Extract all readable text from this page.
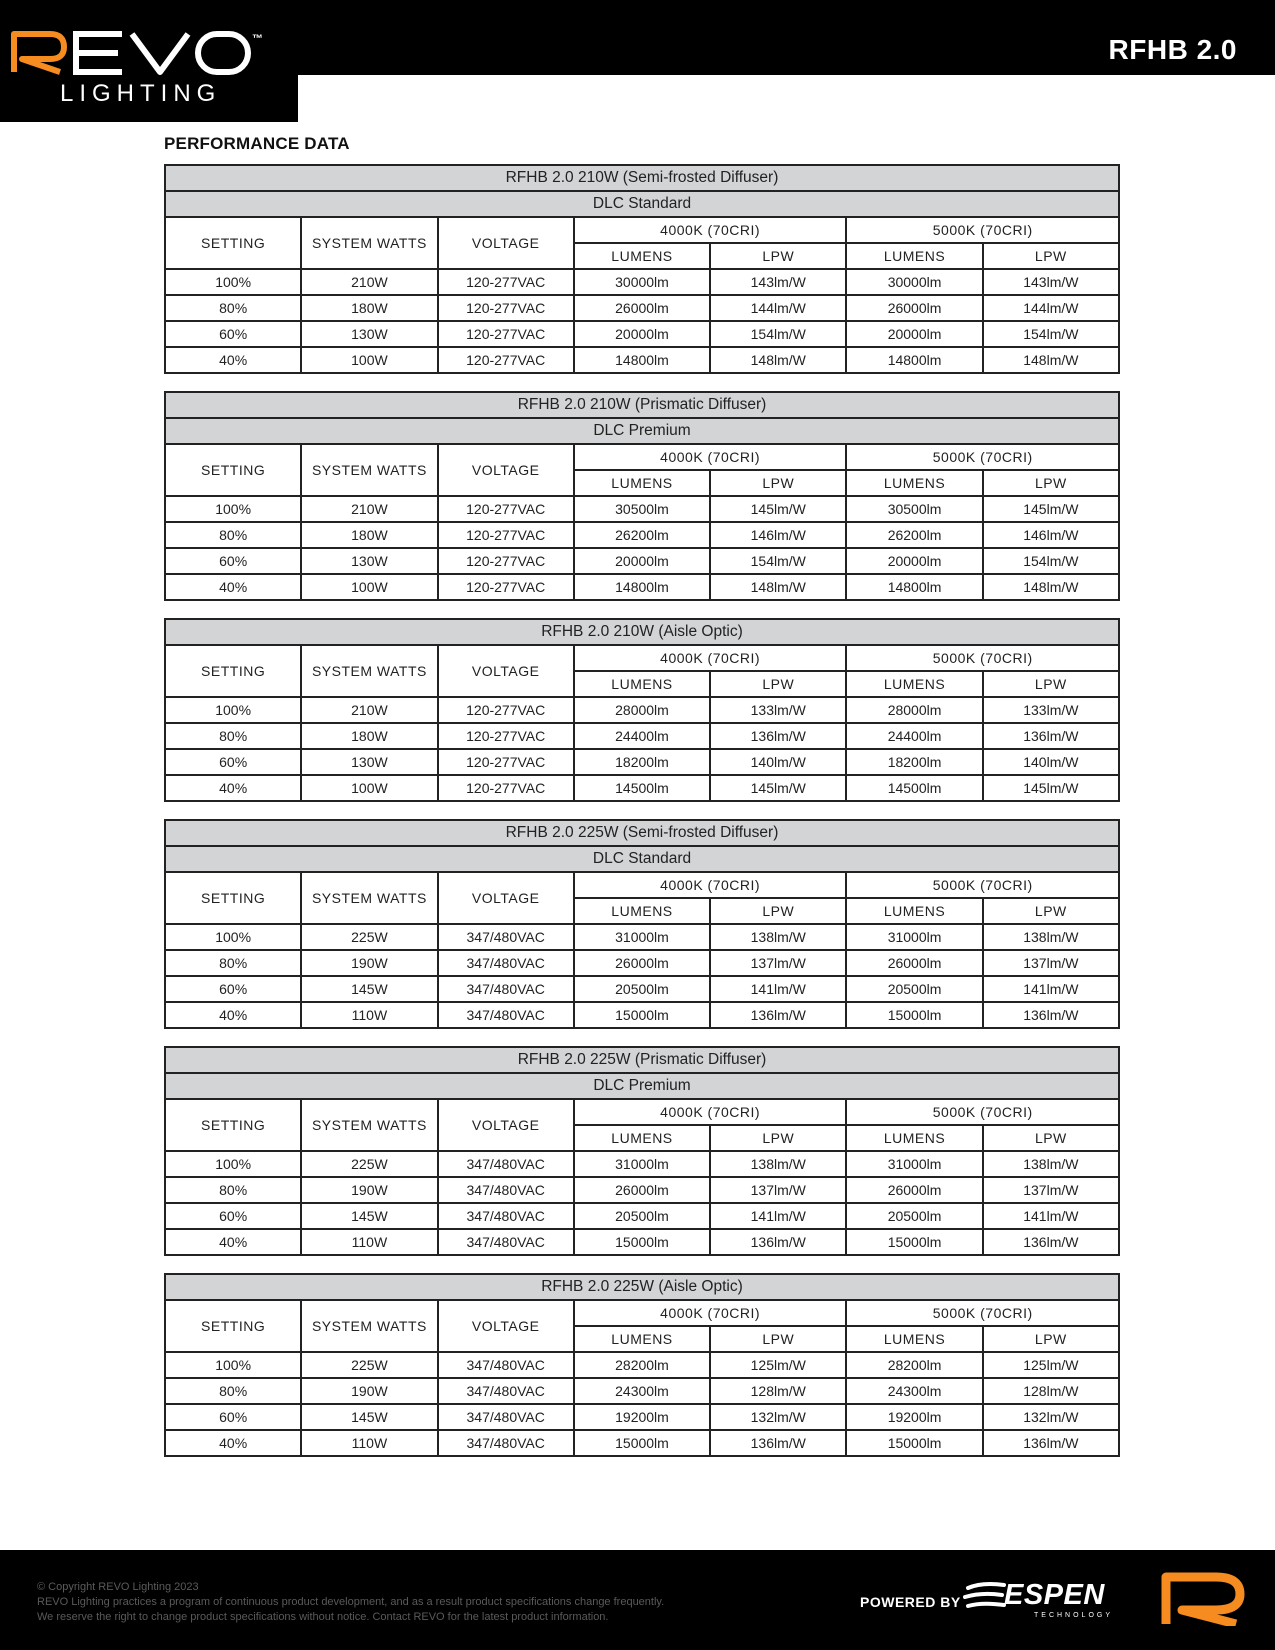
™
LIGHTING
RFHB 2.0
PERFORMANCE DATA
RFHB 2.0 210W (Semi-frosted Diffuser)						
DLC Standard						
SETTING	SYSTEM WATTS	VOLTAGE	4000K (70CRI)		5000K (70CRI)	
			LUMENS	LPW	LUMENS	LPW
100%	210W	120-277VAC	30000lm	143lm/W	30000lm	143lm/W
80%	180W	120-277VAC	26000lm	144lm/W	26000lm	144lm/W
60%	130W	120-277VAC	20000lm	154lm/W	20000lm	154lm/W
40%	100W	120-277VAC	14800lm	148lm/W	14800lm	148lm/W
RFHB 2.0 210W (Prismatic Diffuser)						
DLC Premium						
SETTING	SYSTEM WATTS	VOLTAGE	4000K (70CRI)		5000K (70CRI)	
			LUMENS	LPW	LUMENS	LPW
100%	210W	120-277VAC	30500lm	145lm/W	30500lm	145lm/W
80%	180W	120-277VAC	26200lm	146lm/W	26200lm	146lm/W
60%	130W	120-277VAC	20000lm	154lm/W	20000lm	154lm/W
40%	100W	120-277VAC	14800lm	148lm/W	14800lm	148lm/W
RFHB 2.0 210W (Aisle Optic)						
SETTING	SYSTEM WATTS	VOLTAGE	4000K (70CRI)		5000K (70CRI)	
			LUMENS	LPW	LUMENS	LPW
100%	210W	120-277VAC	28000lm	133lm/W	28000lm	133lm/W
80%	180W	120-277VAC	24400lm	136lm/W	24400lm	136lm/W
60%	130W	120-277VAC	18200lm	140lm/W	18200lm	140lm/W
40%	100W	120-277VAC	14500lm	145lm/W	14500lm	145lm/W
RFHB 2.0 225W (Semi-frosted Diffuser)						
DLC Standard						
SETTING	SYSTEM WATTS	VOLTAGE	4000K (70CRI)		5000K (70CRI)	
			LUMENS	LPW	LUMENS	LPW
100%	225W	347/480VAC	31000lm	138lm/W	31000lm	138lm/W
80%	190W	347/480VAC	26000lm	137lm/W	26000lm	137lm/W
60%	145W	347/480VAC	20500lm	141lm/W	20500lm	141lm/W
40%	110W	347/480VAC	15000lm	136lm/W	15000lm	136lm/W
RFHB 2.0 225W (Prismatic Diffuser)						
DLC Premium						
SETTING	SYSTEM WATTS	VOLTAGE	4000K (70CRI)		5000K (70CRI)	
			LUMENS	LPW	LUMENS	LPW
100%	225W	347/480VAC	31000lm	138lm/W	31000lm	138lm/W
80%	190W	347/480VAC	26000lm	137lm/W	26000lm	137lm/W
60%	145W	347/480VAC	20500lm	141lm/W	20500lm	141lm/W
40%	110W	347/480VAC	15000lm	136lm/W	15000lm	136lm/W
RFHB 2.0 225W (Aisle Optic)						
SETTING	SYSTEM WATTS	VOLTAGE	4000K (70CRI)		5000K (70CRI)	
			LUMENS	LPW	LUMENS	LPW
100%	225W	347/480VAC	28200lm	125lm/W	28200lm	125lm/W
80%	190W	347/480VAC	24300lm	128lm/W	24300lm	128lm/W
60%	145W	347/480VAC	19200lm	132lm/W	19200lm	132lm/W
40%	110W	347/480VAC	15000lm	136lm/W	15000lm	136lm/W
© Copyright REVO Lighting 2023
REVO Lighting practices a program of continuous product development, and as a result product specifications change frequently.
We reserve the right to change product specifications without notice. Contact REVO for the latest product information.
POWERED BY ESPEN
TECHNOLOGY
